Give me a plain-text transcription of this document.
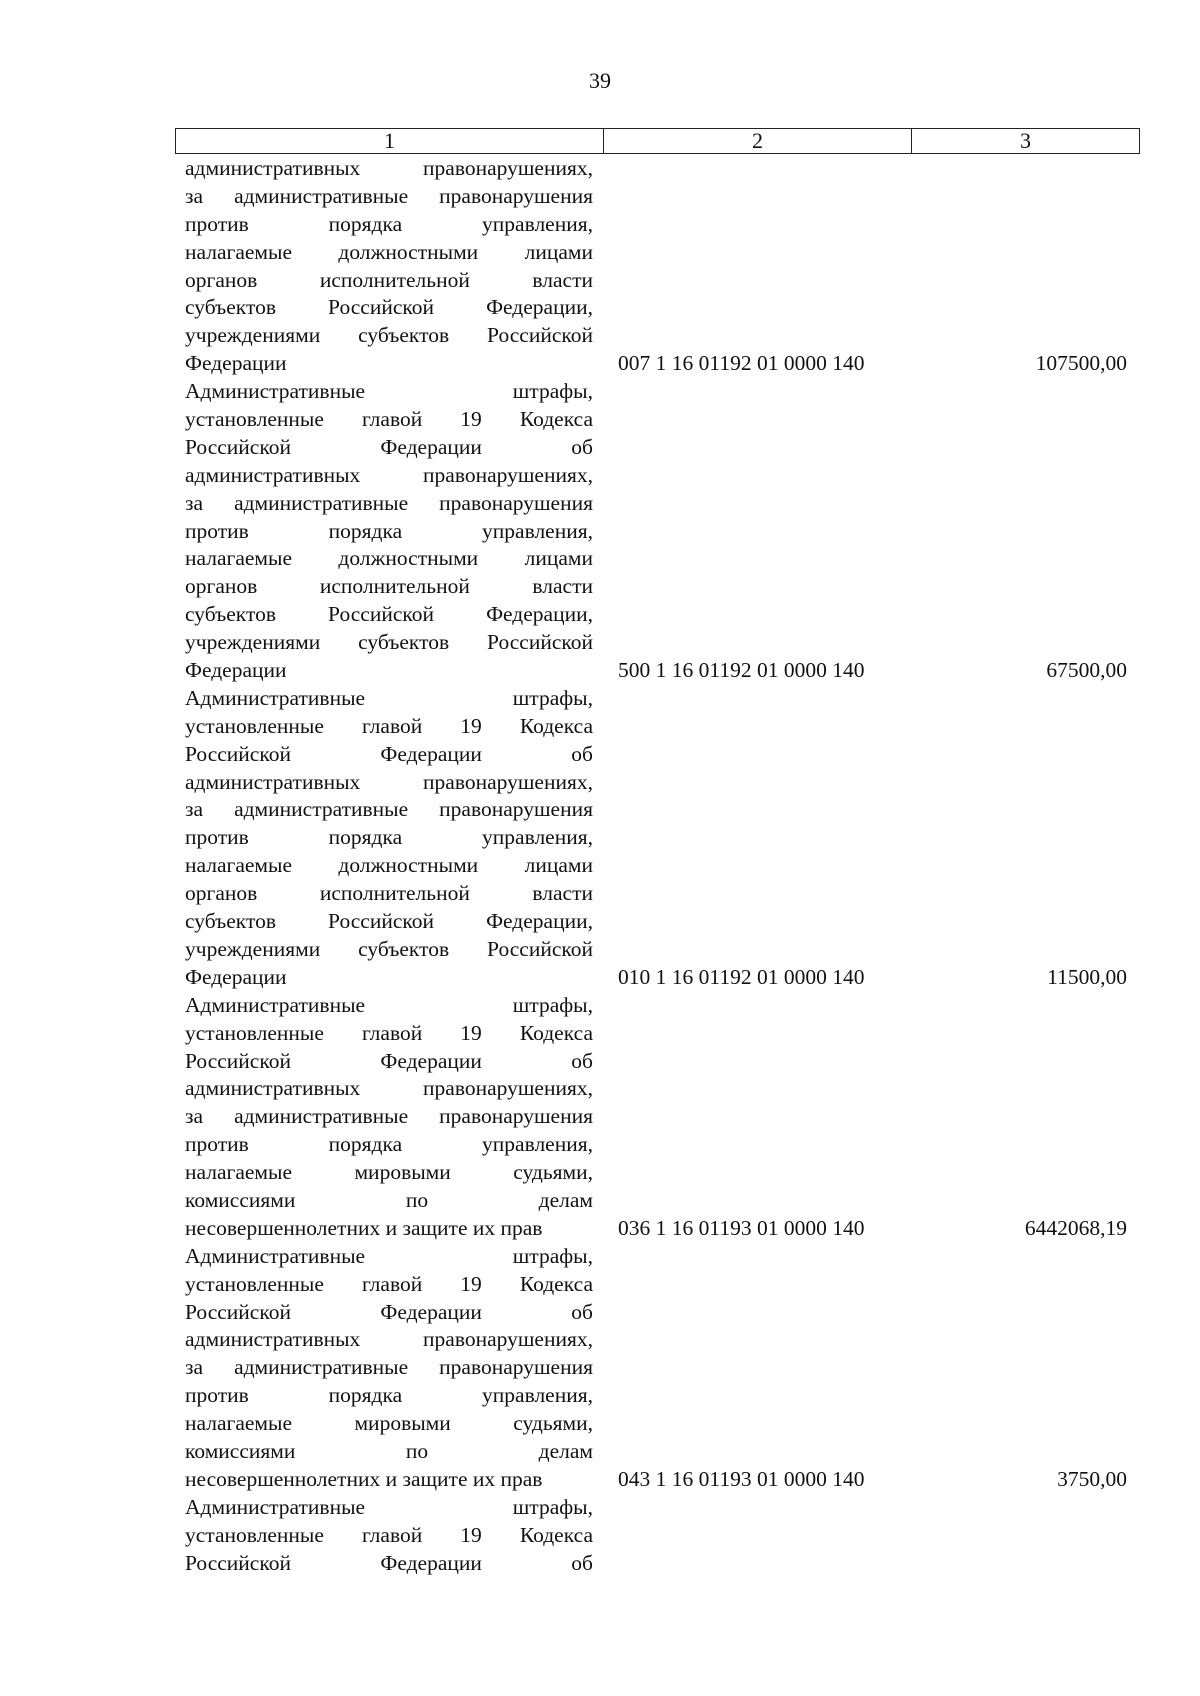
39
1	2	3
административных	правонарушениях,
за административные правонарушения
против	порядка	управления,
налагаемые должностными лицами
органов	исполнительной	власти
субъектов Российской Федерации,
учреждениями субъектов Российской
Федерации	007 1 16 01192 01 0000 140	107500,00
Административные	штрафы,
установленные главой 19 Кодекса
Российской	Федерации	об
административных	правонарушениях,
за административные правонарушения
против	порядка	управления,
налагаемые должностными лицами
органов	исполнительной	власти
субъектов Российской Федерации,
учреждениями субъектов Российской
Федерации	500 1 16 01192 01 0000 140	67500,00
Административные	штрафы,
установленные главой 19 Кодекса
Российской	Федерации	об
административных	правонарушениях,
за административные правонарушения
против	порядка	управления,
налагаемые должностными лицами
органов	исполнительной	власти
субъектов Российской Федерации,
учреждениями субъектов Российской
Федерации	010 1 16 01192 01 0000 140	11500,00
Административные	штрафы,
установленные главой 19 Кодекса
Российской	Федерации	об
административных	правонарушениях,
за административные правонарушения
против	порядка	управления,
налагаемые	мировыми	судьями,
комиссиями	по	делам
несовершеннолетних и защите их прав	036 1 16 01193 01 0000 140	6442068,19
Административные	штрафы,
установленные главой 19 Кодекса
Российской	Федерации	об
административных	правонарушениях,
за административные правонарушения
против	порядка	управления,
налагаемые	мировыми	судьями,
комиссиями	по	делам
несовершеннолетних и защите их прав	043 1 16 01193 01 0000 140	3750,00
Административные	штрафы,
установленные главой 19 Кодекса
Российской	Федерации	об
